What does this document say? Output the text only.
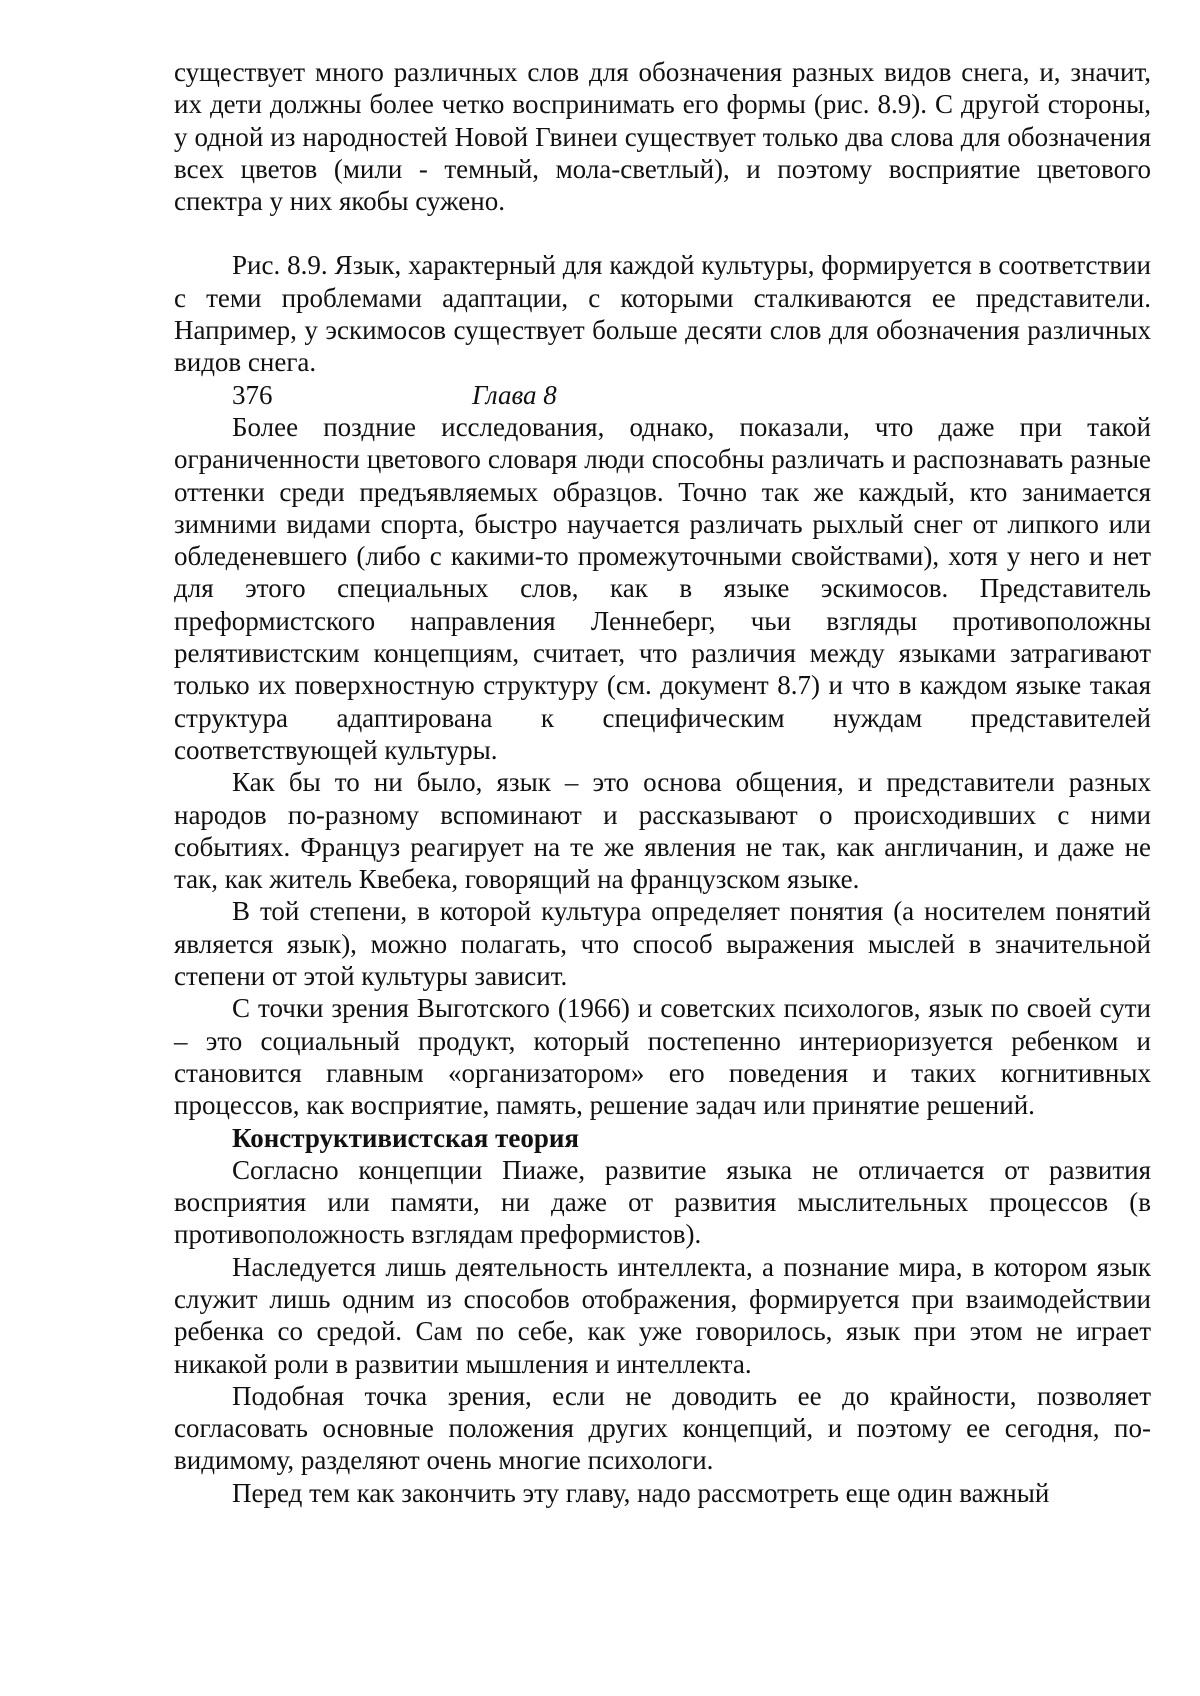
существует много различных слов для обозначения разных видов снега, и, значит, их дети должны более четко воспринимать его формы (рис. 8.9). С другой стороны, у одной из народностей Новой Гвинеи существует только два слова для обозначения всех цветов (мили - темный, мола-светлый), и поэтому восприятие цветового спектра у них якобы сужено.

Рис. 8.9. Язык, характерный для каждой культуры, формируется в соответствии с теми проблемами адаптации, с которыми сталкиваются ее представители. Например, у эскимосов существует больше десяти слов для обозначения различных видов снега.

376	Глава 8

Более поздние исследования, однако, показали, что даже при такой ограниченности цветового словаря люди способны различать и распознавать разные оттенки среди предъявляемых образцов. Точно так же каждый, кто занимается зимними видами спорта, быстро научается различать рыхлый снег от липкого или обледеневшего (либо с какими-то промежуточными свойствами), хотя у него и нет для этого специальных слов, как в языке эскимосов. Представитель преформистского направления Леннеберг, чьи взгляды противоположны релятивистским концепциям, считает, что различия между языками затрагивают только их поверхностную структуру (см. документ 8.7) и что в каждом языке такая структура адаптирована к специфическим нуждам представителей соответствующей культуры.

Как бы то ни было, язык – это основа общения, и представители разных народов по-разному вспоминают и рассказывают о происходивших с ними событиях. Француз реагирует на те же явления не так, как англичанин, и даже не так, как житель Квебека, говорящий на французском языке.

В той степени, в которой культура определяет понятия (а носителем понятий является язык), можно полагать, что способ выражения мыслей в значительной степени от этой культуры зависит.

С точки зрения Выготского (1966) и советских психологов, язык по своей сути – это социальный продукт, который постепенно интериоризуется ребенком и становится главным «организатором» его поведения и таких когнитивных процессов, как восприятие, память, решение задач или принятие решений.

Конструктивистская теория

Согласно концепции Пиаже, развитие языка не отличается от развития восприятия или памяти, ни даже от развития мыслительных процессов (в противоположность взглядам преформистов).

Наследуется лишь деятельность интеллекта, а познание мира, в котором язык служит лишь одним из способов отображения, формируется при взаимодействии ребенка со средой. Сам по себе, как уже говорилось, язык при этом не играет никакой роли в развитии мышления и интеллекта.

Подобная точка зрения, если не доводить ее до крайности, позволяет согласовать основные положения других концепций, и поэтому ее сегодня, по-видимому, разделяют очень многие психологи.

Перед тем как закончить эту главу, надо рассмотреть еще один важный
